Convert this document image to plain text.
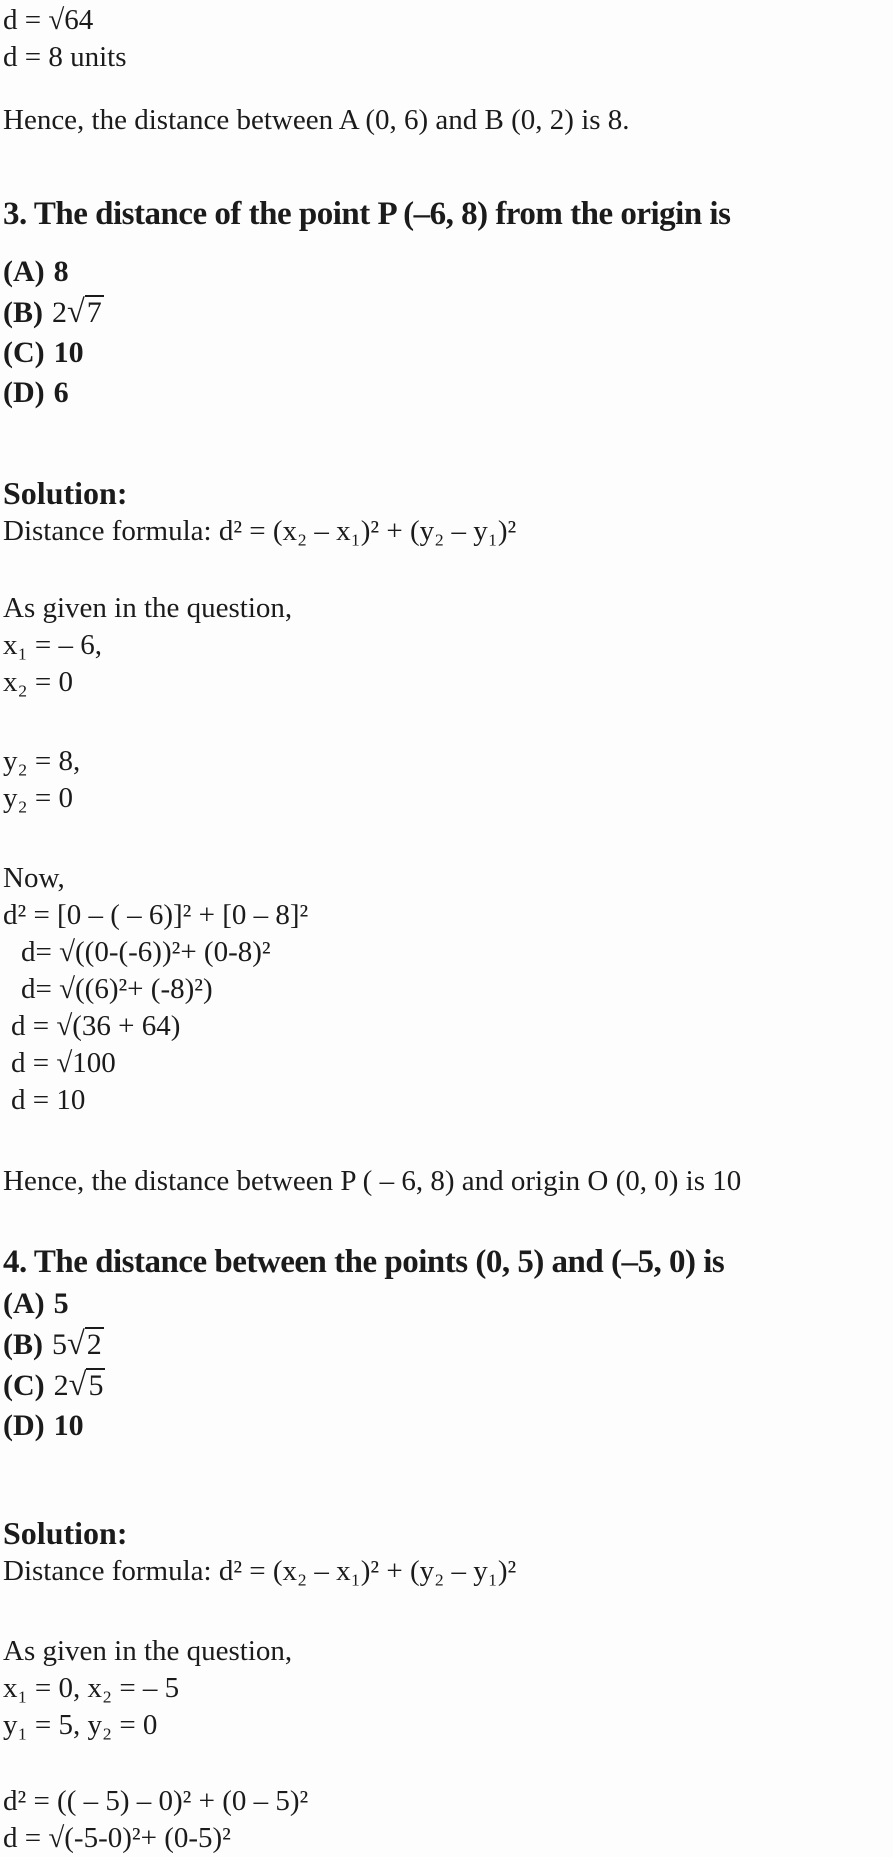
d = √64
d = 8 units
Hence, the distance between A (0, 6) and B (0, 2) is 8.
3. The distance of the point P (–6, 8) from the origin is
(A) 8
(B) 2√7
(C) 10
(D) 6
Solution:
Distance formula: d² = (x₂ – x₁)² + (y₂ – y₁)²
As given in the question,
x₁ = – 6,
x₂ = 0
y₂ = 8,
y₂ = 0
Now,
d² = [0 – ( – 6)]² + [0 – 8]²
d= √((0-(-6))²+ (0-8)²
d= √((6)²+ (-8)²)
d = √(36 + 64)
d = √100
d = 10
Hence, the distance between P ( – 6, 8) and origin O (0, 0) is 10
4. The distance between the points (0, 5) and (–5, 0) is
(A) 5
(B) 5√2
(C) 2√5
(D) 10
Solution:
Distance formula: d² = (x₂ – x₁)² + (y₂ – y₁)²
As given in the question,
x₁ = 0, x₂ = – 5
y₁ = 5, y₂ = 0
d² = (( – 5) – 0)² + (0 – 5)²
d = √(-5-0)²+ (0-5)²
